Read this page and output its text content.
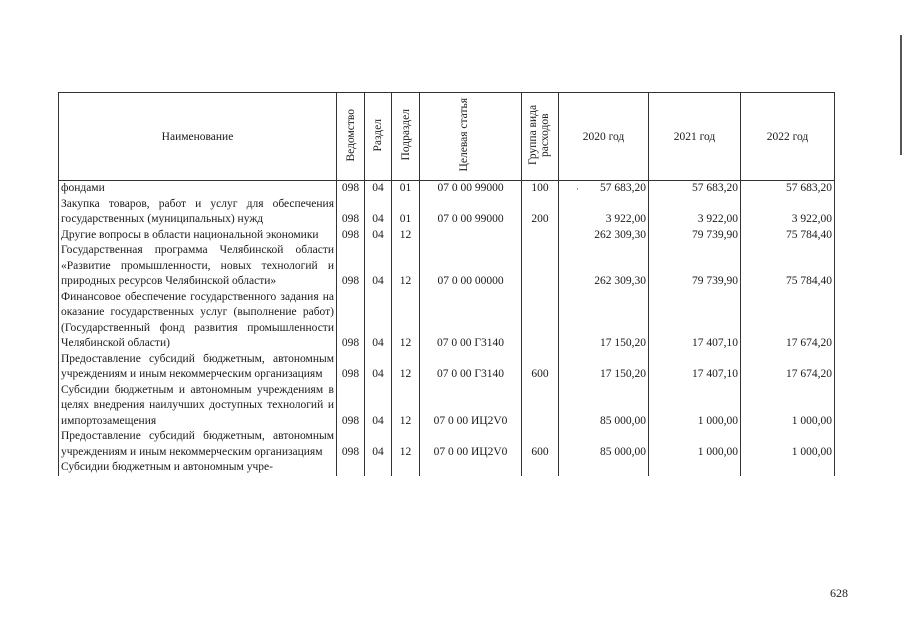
Наименование	Ведомство	Раздел	Подраздел	Целевая статья	Группа вида расходов	2020 год	2021 год	2022 год
фондами	098	04	01	07 0 00 99000	100	57 683,20	57 683,20	57 683,20
Закупка товаров, работ и услуг для обеспечения государственных (муниципальных) нужд	098	04	01	07 0 00 99000	200	3 922,00	3 922,00	3 922,00
Другие вопросы в области национальной экономики	098	04	12			262 309,30	79 739,90	75 784,40
Государственная программа Челябинской области «Развитие промышленности, новых технологий и природных ресурсов Челябинской области»	098	04	12	07 0 00 00000		262 309,30	79 739,90	75 784,40
Финансовое обеспечение государственного задания на оказание государственных услуг (выполнение работ) (Государственный фонд развития промышленности Челябинской области)	098	04	12	07 0 00 Г3140		17 150,20	17 407,10	17 674,20
Предоставление субсидий бюджетным, автономным учреждениям и иным некоммерческим организациям	098	04	12	07 0 00 Г3140	600	17 150,20	17 407,10	17 674,20
Субсидии бюджетным и автономным учреждениям в целях внедрения наилучших доступных технологий и импортозамещения	098	04	12	07 0 00 ИЦ2V0		85 000,00	1 000,00	1 000,00
Предоставление субсидий бюджетным, автономным учреждениям и иным некоммерческим организациям	098	04	12	07 0 00 ИЦ2V0	600	85 000,00	1 000,00	1 000,00
Субсидии бюджетным и автономным учре-								
·
628
